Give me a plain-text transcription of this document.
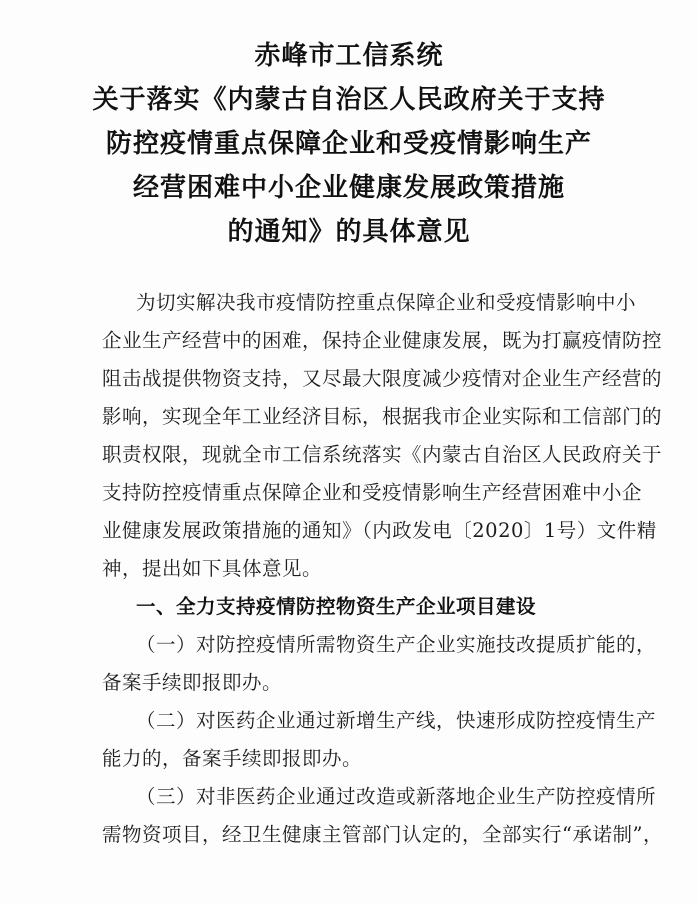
赤峰市工信系统
关于落实《内蒙古自治区人民政府关于支持
防控疫情重点保障企业和受疫情影响生产
经营困难中小企业健康发展政策措施
的通知》的具体意见
为切实解决我市疫情防控重点保障企业和受疫情影响中小
企业生产经营中的困难，保持企业健康发展，既为打赢疫情防控
阻击战提供物资支持，又尽最大限度减少疫情对企业生产经营的
影响，实现全年工业经济目标，根据我市企业实际和工信部门的
职责权限，现就全市工信系统落实《内蒙古自治区人民政府关于
支持防控疫情重点保障企业和受疫情影响生产经营困难中小企
业健康发展政策措施的通知》（内政发电〔2020〕1号）文件精
神，提出如下具体意见。
一、全力支持疫情防控物资生产企业项目建设
（一）对防控疫情所需物资生产企业实施技改提质扩能的，
备案手续即报即办。
（二）对医药企业通过新增生产线，快速形成防控疫情生产
能力的，备案手续即报即办。
（三）对非医药企业通过改造或新落地企业生产防控疫情所
需物资项目，经卫生健康主管部门认定的，全部实行“承诺制”，
